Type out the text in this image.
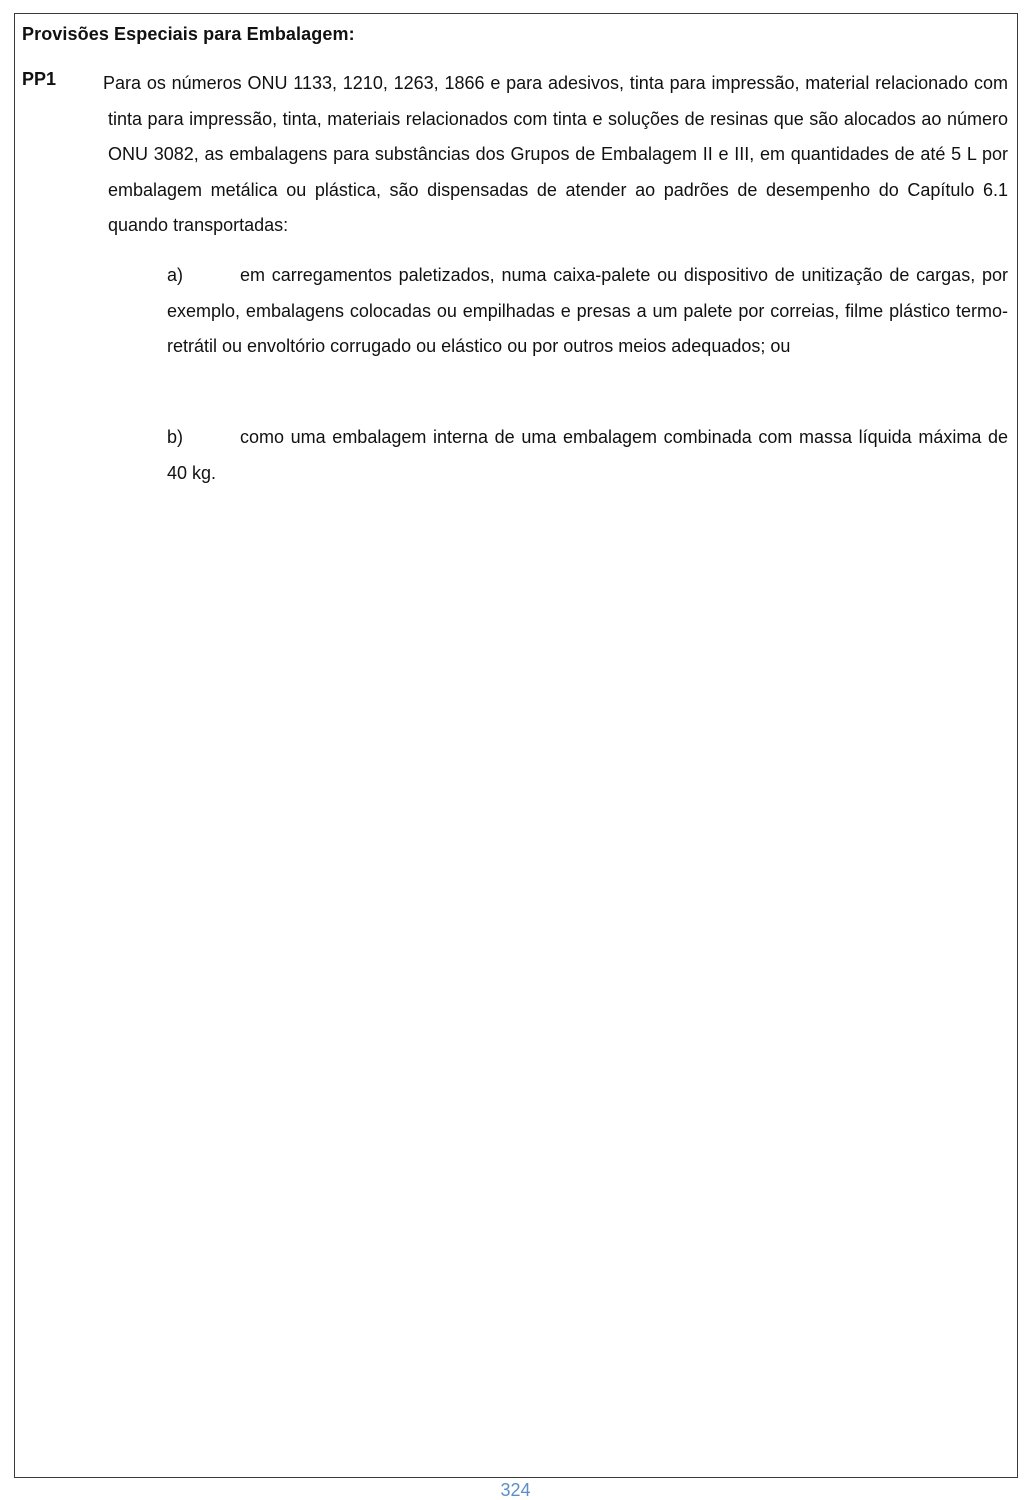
Provisões Especiais para Embalagem:
PP1	Para os números ONU 1133, 1210, 1263, 1866 e para adesivos, tinta para impressão, material relacionado com tinta para impressão, tinta, materiais relacionados com tinta e soluções de resinas que são alocados ao número ONU 3082, as embalagens para substâncias dos Grupos de Embalagem II e III, em quantidades de até 5 L por embalagem metálica ou plástica, são dispensadas de atender ao padrões de desempenho do Capítulo 6.1 quando transportadas:

a)	em carregamentos paletizados, numa caixa-palete ou dispositivo de unitização de cargas, por exemplo, embalagens colocadas ou empilhadas e presas a um palete por correias, filme plástico termo-retrátil ou envoltório corrugado ou elástico ou por outros meios adequados; ou

b)	como uma embalagem interna de uma embalagem combinada com massa líquida máxima de 40 kg.

324
